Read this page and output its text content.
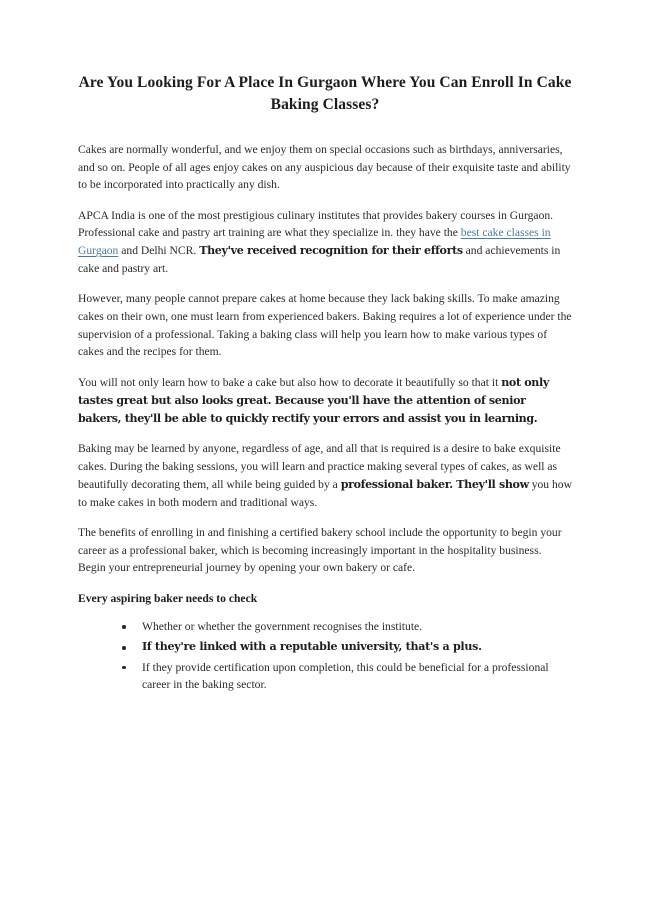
Are You Looking For A Place In Gurgaon Where You Can Enroll In Cake Baking Classes?

Cakes are normally wonderful, and we enjoy them on special occasions such as birthdays, anniversaries, and so on. People of all ages enjoy cakes on any auspicious day because of their exquisite taste and ability to be incorporated into practically any dish.

APCA India is one of the most prestigious culinary institutes that provides bakery courses in Gurgaon. Professional cake and pastry art training are what they specialize in. they have the best cake classes in Gurgaon and Delhi NCR. They've received recognition for their efforts and achievements in cake and pastry art.

However, many people cannot prepare cakes at home because they lack baking skills. To make amazing cakes on their own, one must learn from experienced bakers. Baking requires a lot of experience under the supervision of a professional. Taking a baking class will help you learn how to make various types of cakes and the recipes for them.

You will not only learn how to bake a cake but also how to decorate it beautifully so that it not only tastes great but also looks great. Because you'll have the attention of senior bakers, they'll be able to quickly rectify your errors and assist you in learning.

Baking may be learned by anyone, regardless of age, and all that is required is a desire to bake exquisite cakes. During the baking sessions, you will learn and practice making several types of cakes, as well as beautifully decorating them, all while being guided by a professional baker. They'll show you how to make cakes in both modern and traditional ways.

The benefits of enrolling in and finishing a certified bakery school include the opportunity to begin your career as a professional baker, which is becoming increasingly important in the hospitality business. Begin your entrepreneurial journey by opening your own bakery or cafe.

Every aspiring baker needs to check

Whether or whether the government recognises the institute.
If they're linked with a reputable university, that's a plus.
If they provide certification upon completion, this could be beneficial for a professional career in the baking sector.
